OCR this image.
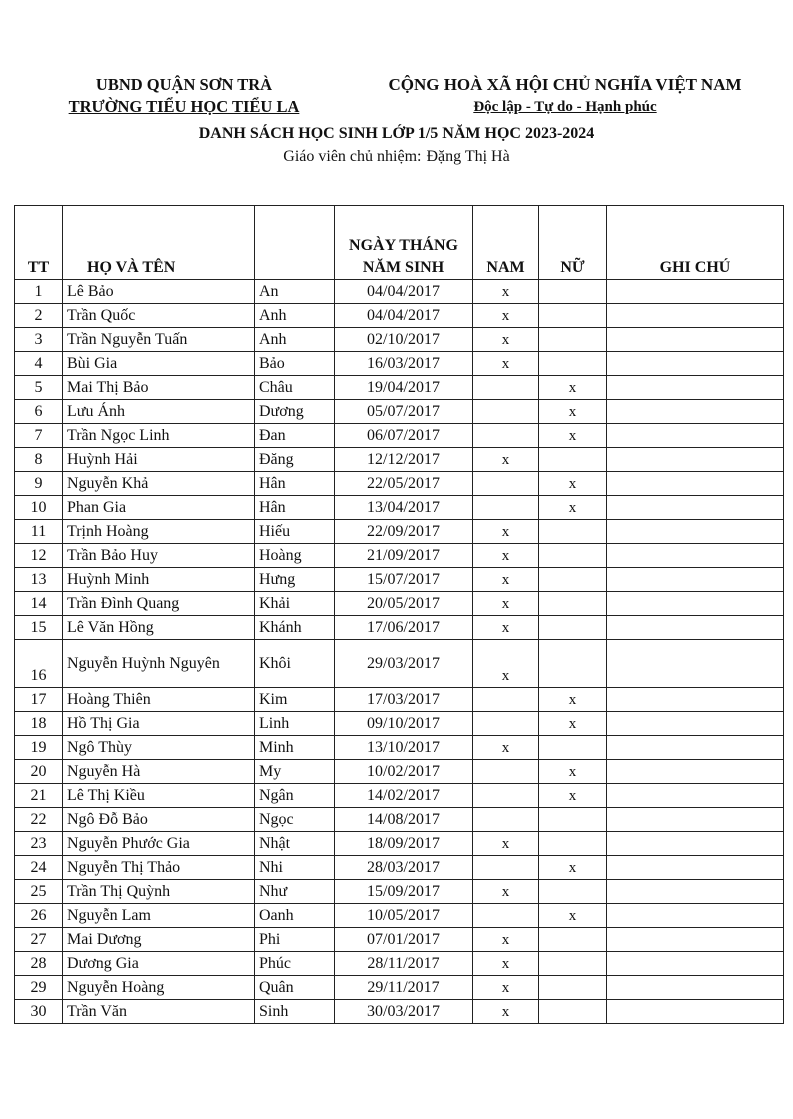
UBND QUẬN SƠN TRÀ
TRƯỜNG TIỂU HỌC TIỂU LA
CỘNG HOÀ XÃ HỘI CHỦ NGHĨA VIỆT NAM
Độc lập - Tự do - Hạnh phúc
DANH SÁCH HỌC SINH LỚP 1/5 NĂM HỌC 2023-2024
Giáo viên chủ nhiệm: Đặng Thị Hà
TT	HỌ VÀ TÊN		NGÀY THÁNG NĂM SINH	NAM	NỮ	GHI CHÚ
1	Lê Bảo	An	04/04/2017	x		
2	Trần Quốc	Anh	04/04/2017	x		
3	Trần Nguyễn Tuấn	Anh	02/10/2017	x		
4	Bùi Gia	Bảo	16/03/2017	x		
5	Mai Thị Bảo	Châu	19/04/2017		x	
6	Lưu Ánh	Dương	05/07/2017		x	
7	Trần Ngọc Linh	Đan	06/07/2017		x	
8	Huỳnh Hải	Đăng	12/12/2017	x		
9	Nguyễn Khả	Hân	22/05/2017		x	
10	Phan Gia	Hân	13/04/2017		x	
11	Trịnh Hoàng	Hiếu	22/09/2017	x		
12	Trần Bảo Huy	Hoàng	21/09/2017	x		
13	Huỳnh Minh	Hưng	15/07/2017	x		
14	Trần Đình Quang	Khải	20/05/2017	x		
15	Lê Văn Hồng	Khánh	17/06/2017	x		
16	Nguyễn Huỳnh Nguyên	Khôi	29/03/2017	x		
17	Hoàng Thiên	Kim	17/03/2017		x	
18	Hồ Thị Gia	Linh	09/10/2017		x	
19	Ngô Thùy	Minh	13/10/2017	x		
20	Nguyễn Hà	My	10/02/2017		x	
21	Lê Thị Kiều	Ngân	14/02/2017		x	
22	Ngô Đỗ Bảo	Ngọc	14/08/2017			
23	Nguyễn Phước Gia	Nhật	18/09/2017	x		
24	Nguyễn Thị Thảo	Nhi	28/03/2017		x	
25	Trần Thị Quỳnh	Như	15/09/2017	x		
26	Nguyễn Lam	Oanh	10/05/2017		x	
27	Mai Dương	Phi	07/01/2017	x		
28	Dương Gia	Phúc	28/11/2017	x		
29	Nguyễn Hoàng	Quân	29/11/2017	x		
30	Trần Văn	Sinh	30/03/2017	x		
